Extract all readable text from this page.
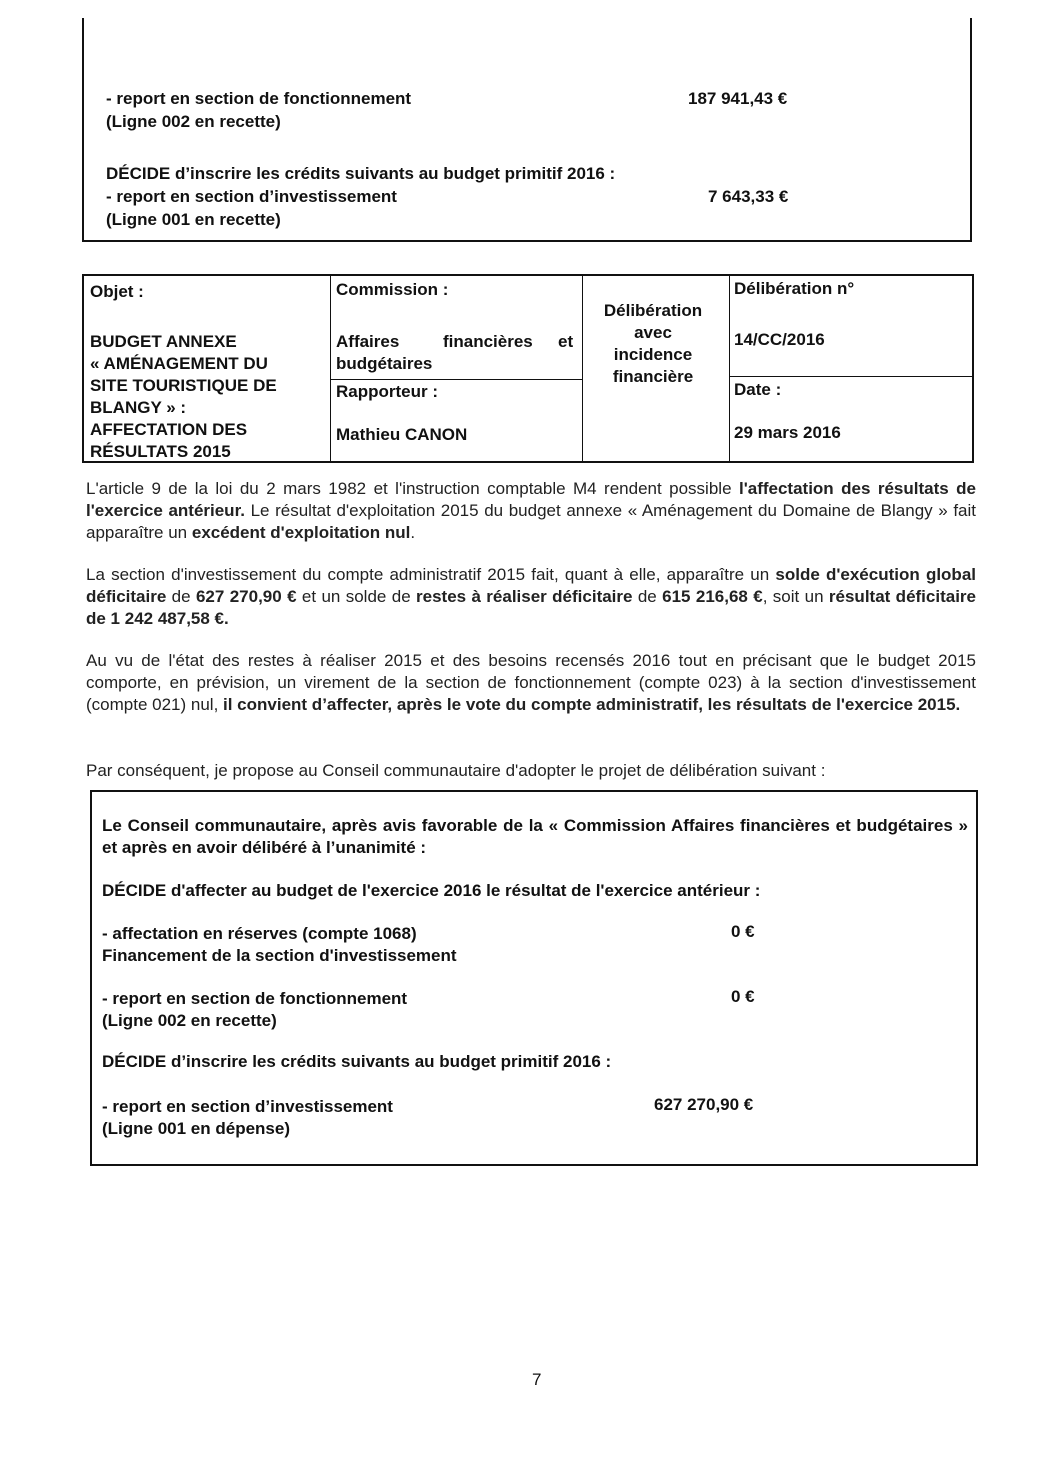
- report en section de fonctionnement	187 941,43 €
(Ligne 002 en recette)
DÉCIDE d’inscrire les crédits suivants au budget primitif 2016 :
- report en section d’investissement	7 643,33 €
(Ligne 001 en recette)
Objet :
BUDGET ANNEXE
« AMÉNAGEMENT DU
SITE TOURISTIQUE DE
BLANGY » :
AFFECTATION DES
RÉSULTATS 2015
Commission :
Affaires	financières et
budgétaires
Rapporteur :
Mathieu CANON
Délibération
avec
incidence
financière
Délibération n°
14/CC/2016
Date :
29 mars 2016
L'article 9 de la loi du 2 mars 1982 et l'instruction comptable M4 rendent possible l'affectation des résultats de l'exercice antérieur. Le résultat d'exploitation 2015 du budget annexe « Aménagement du Domaine de Blangy » fait apparaître un excédent d'exploitation nul.
La section d'investissement du compte administratif 2015 fait, quant à elle, apparaître un solde d'exécution global déficitaire de 627 270,90 € et un solde de restes à réaliser déficitaire de 615 216,68 €, soit un résultat déficitaire de 1 242 487,58 €.
Au vu de l'état des restes à réaliser 2015 et des besoins recensés 2016 tout en précisant que le budget 2015 comporte, en prévision, un virement de la section de fonctionnement (compte 023) à la section d'investissement (compte 021) nul, il convient d’affecter, après le vote du compte administratif, les résultats de l'exercice 2015.
Par conséquent, je propose au Conseil communautaire d'adopter le projet de délibération suivant :
Le Conseil communautaire, après avis favorable de la « Commission Affaires financières et budgétaires » et après en avoir délibéré à l’unanimité :
DÉCIDE d'affecter au budget de l'exercice 2016 le résultat de l'exercice antérieur :
- affectation en réserves (compte 1068)	0 €
Financement de la section d'investissement
- report en section de fonctionnement	0 €
(Ligne 002 en recette)
DÉCIDE d’inscrire les crédits suivants au budget primitif 2016 :
- report en section d’investissement	627 270,90 €
(Ligne 001 en dépense)
7
